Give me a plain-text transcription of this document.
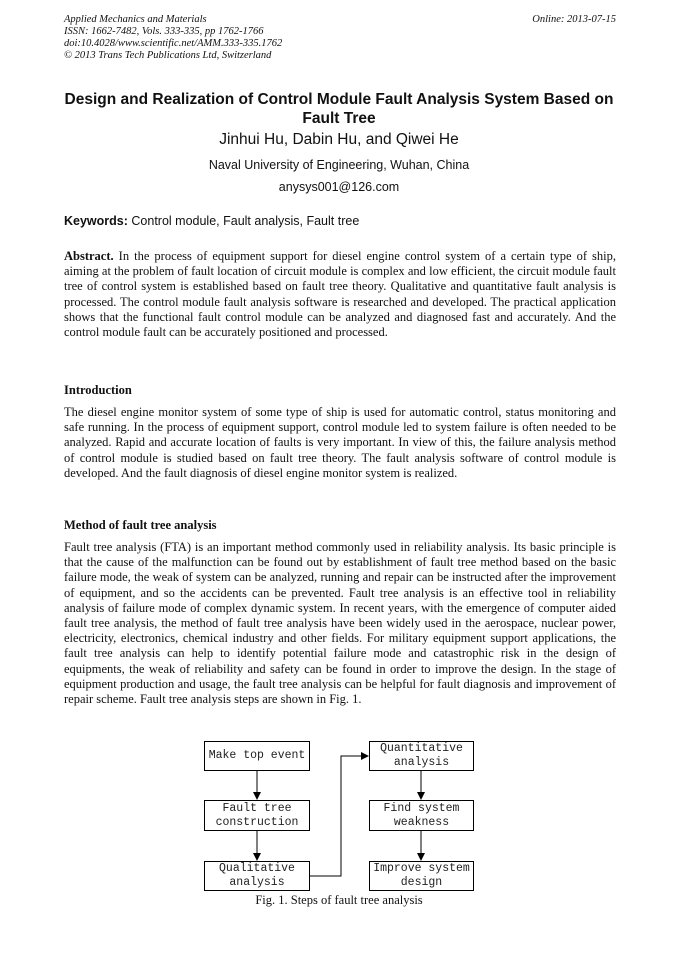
Applied Mechanics and Materials
ISSN: 1662-7482, Vols. 333-335, pp 1762-1766
doi:10.4028/www.scientific.net/AMM.333-335.1762
© 2013 Trans Tech Publications Ltd, Switzerland
Online: 2013-07-15
Design and Realization of Control Module Fault Analysis System Based on Fault Tree
Jinhui Hu, Dabin Hu, and Qiwei He
Naval University of Engineering, Wuhan, China
anysys001@126.com
Keywords: Control module, Fault analysis, Fault tree
Abstract. In the process of equipment support for diesel engine control system of a certain type of ship, aiming at the problem of fault location of circuit module is complex and low efficient, the circuit module fault tree of control system is established based on fault tree theory. Qualitative and quantitative fault analysis is processed. The control module fault analysis software is researched and developed. The practical application shows that the functional fault control module can be analyzed and diagnosed fast and accurately. And the control module fault can be accurately positioned and processed.
Introduction
The diesel engine monitor system of some type of ship is used for automatic control, status monitoring and safe running. In the process of equipment support, control module led to system failure is often needed to be analyzed. Rapid and accurate location of faults is very important. In view of this, the failure analysis method of control module is studied based on fault tree theory. The fault analysis software of control module is developed. And the fault diagnosis of diesel engine monitor system is realized.
Method of fault tree analysis
Fault tree analysis (FTA) is an important method commonly used in reliability analysis. Its basic principle is that the cause of the malfunction can be found out by establishment of fault tree method based on the basic failure mode, the weak of system can be analyzed, running and repair can be instructed after the improvement of equipment, and so the accidents can be prevented. Fault tree analysis is an effective tool in reliability analysis of failure mode of complex dynamic system. In recent years, with the emergence of computer aided fault tree analysis, the method of fault tree analysis have been widely used in the aerospace, nuclear power, electricity, electronics, chemical industry and other fields. For military equipment support applications, the fault tree analysis can help to identify potential failure mode and catastrophic risk in the design of equipments, the weak of reliability and safety can be found in order to improve the design. In the stage of equipment production and usage, the fault tree analysis can be helpful for fault diagnosis and improvement of repair scheme. Fault tree analysis steps are shown in Fig. 1.
Make top event
Fault tree construction
Qualitative analysis
Quantitative analysis
Find system weakness
Improve system design
Fig. 1. Steps of fault tree analysis
